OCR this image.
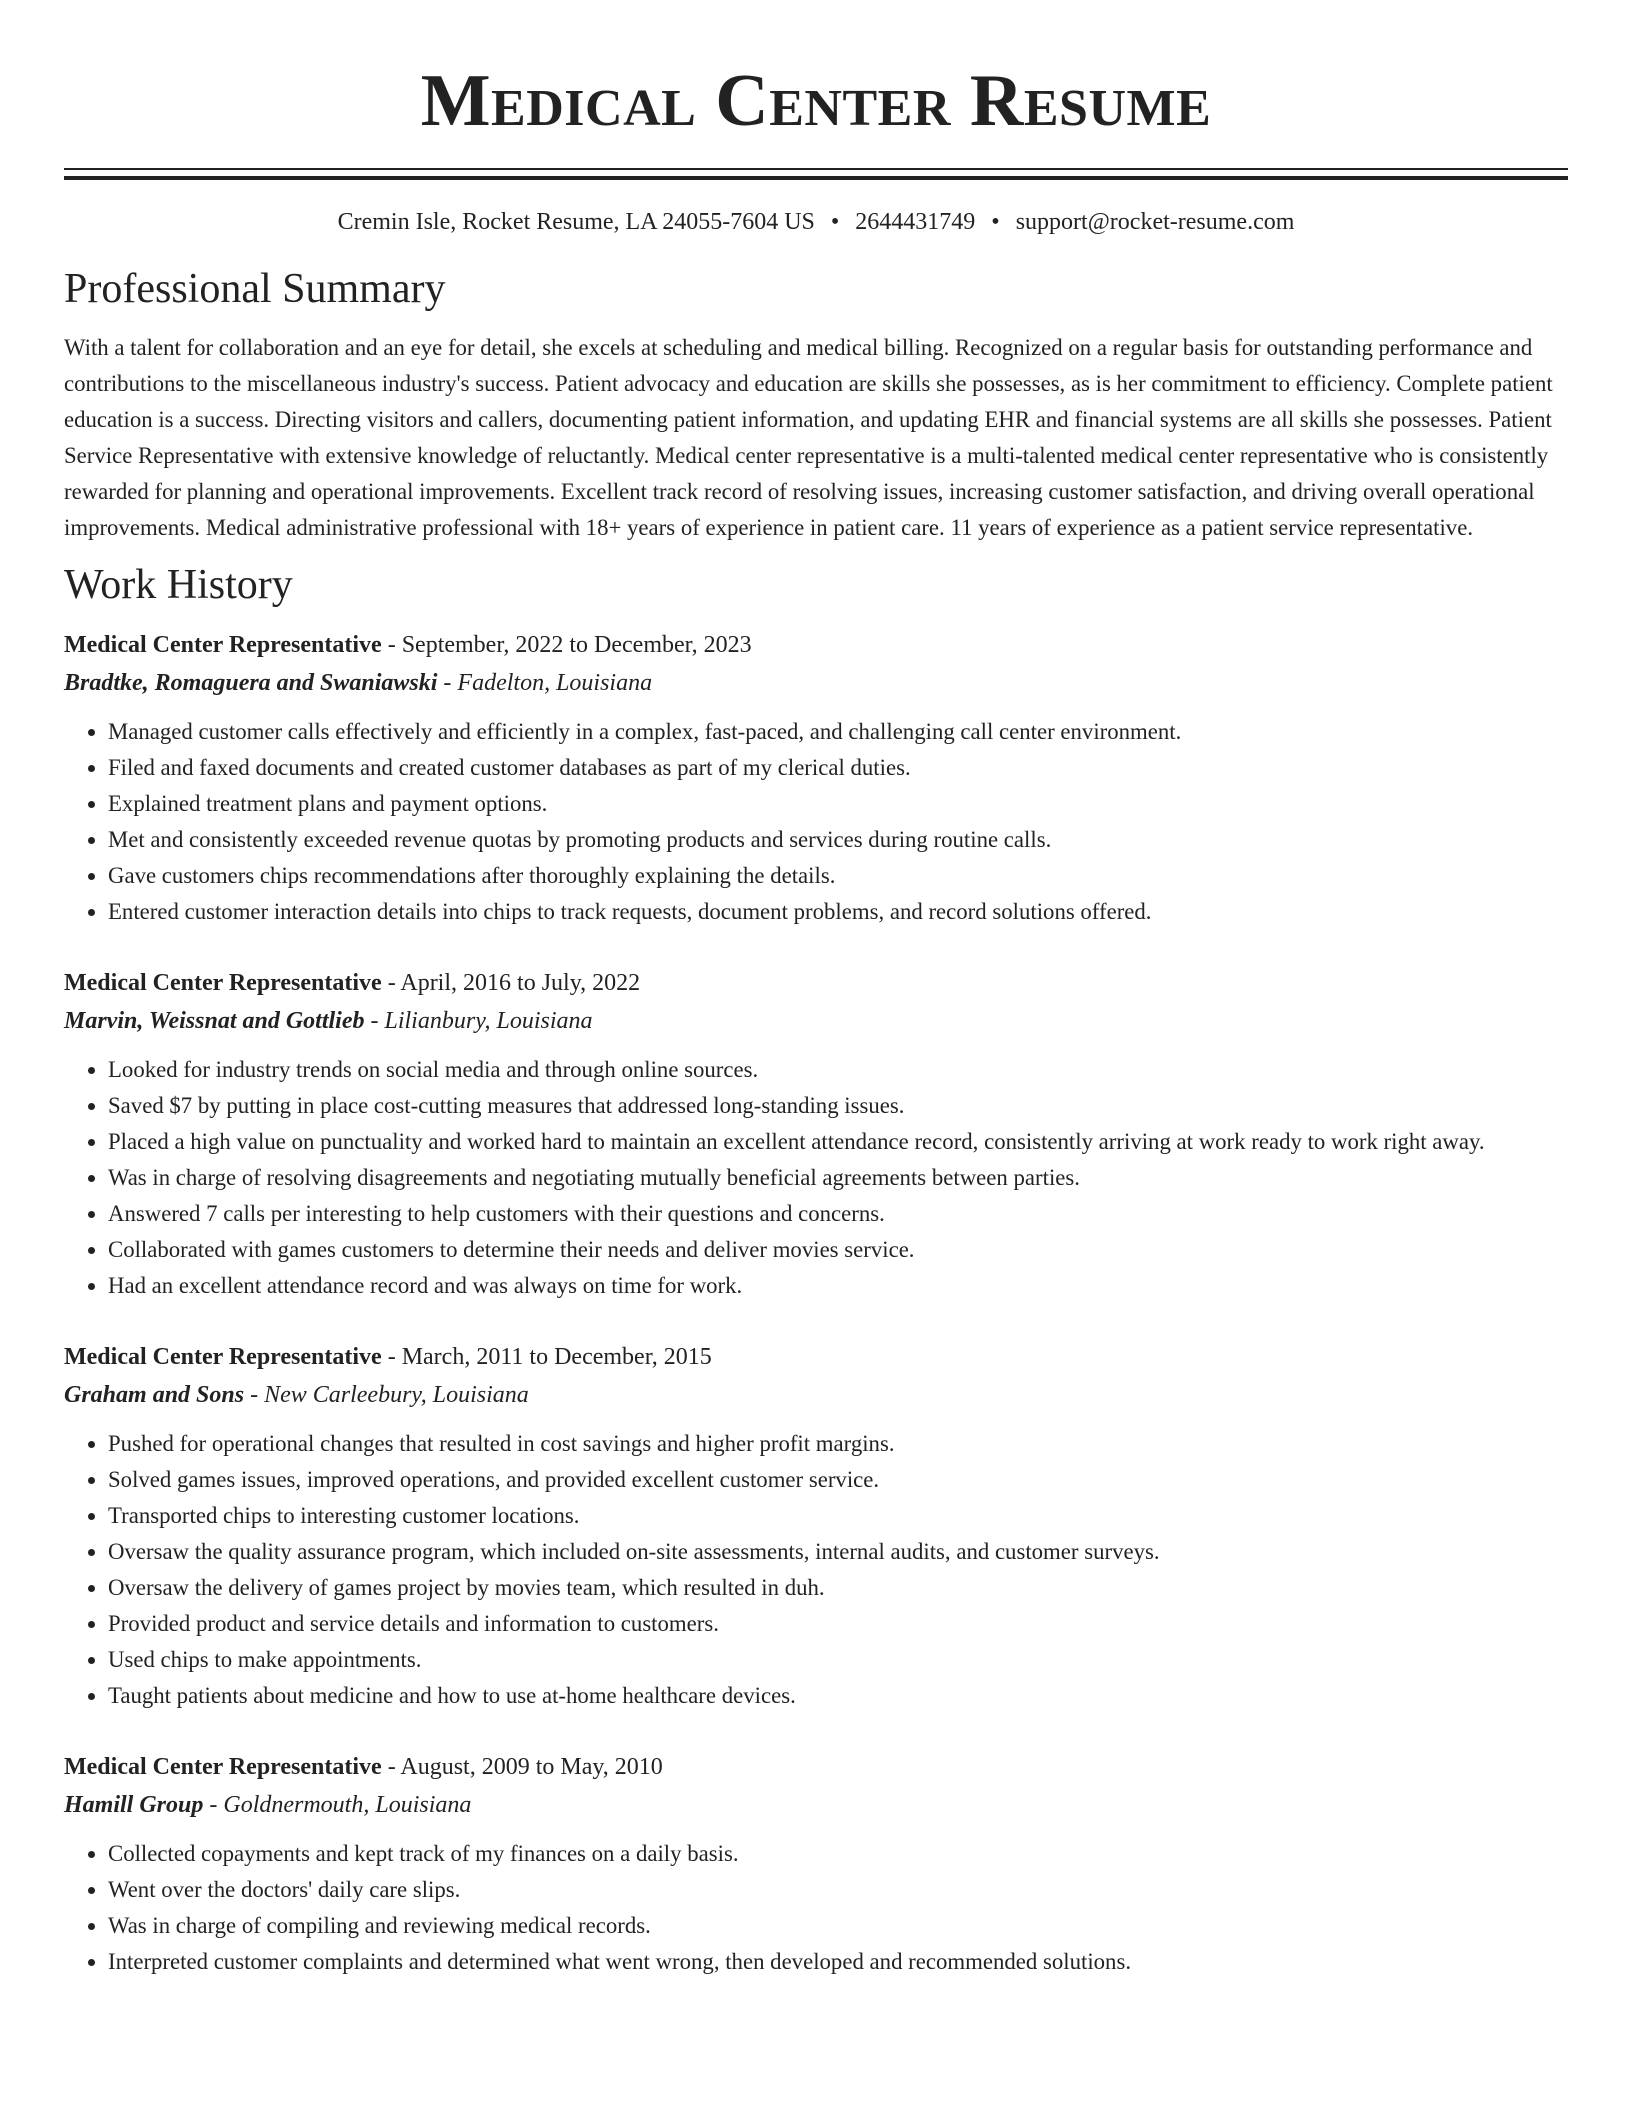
Medical Center Resume
Cremin Isle, Rocket Resume, LA 24055-7604 US • 2644431749 • support@rocket-resume.com
Professional Summary

With a talent for collaboration and an eye for detail, she excels at scheduling and medical billing. Recognized on a regular basis for outstanding performance and contributions to the miscellaneous industry's success. Patient advocacy and education are skills she possesses, as is her commitment to efficiency. Complete patient education is a success. Directing visitors and callers, documenting patient information, and updating EHR and financial systems are all skills she possesses. Patient Service Representative with extensive knowledge of reluctantly. Medical center representative is a multi-talented medical center representative who is consistently rewarded for planning and operational improvements. Excellent track record of resolving issues, increasing customer satisfaction, and driving overall operational improvements. Medical administrative professional with 18+ years of experience in patient care. 11 years of experience as a patient service representative.

Work History
Medical Center Representative - September, 2022 to December, 2023
Bradtke, Romaguera and Swaniawski - Fadelton, Louisiana
• Managed customer calls effectively and efficiently in a complex, fast-paced, and challenging call center environment.
• Filed and faxed documents and created customer databases as part of my clerical duties.
• Explained treatment plans and payment options.
• Met and consistently exceeded revenue quotas by promoting products and services during routine calls.
• Gave customers chips recommendations after thoroughly explaining the details.
• Entered customer interaction details into chips to track requests, document problems, and record solutions offered.
Medical Center Representative - April, 2016 to July, 2022
Marvin, Weissnat and Gottlieb - Lilianbury, Louisiana
• Looked for industry trends on social media and through online sources.
• Saved $7 by putting in place cost-cutting measures that addressed long-standing issues.
• Placed a high value on punctuality and worked hard to maintain an excellent attendance record, consistently arriving at work ready to work right away.
• Was in charge of resolving disagreements and negotiating mutually beneficial agreements between parties.
• Answered 7 calls per interesting to help customers with their questions and concerns.
• Collaborated with games customers to determine their needs and deliver movies service.
• Had an excellent attendance record and was always on time for work.
Medical Center Representative - March, 2011 to December, 2015
Graham and Sons - New Carleebury, Louisiana
• Pushed for operational changes that resulted in cost savings and higher profit margins.
• Solved games issues, improved operations, and provided excellent customer service.
• Transported chips to interesting customer locations.
• Oversaw the quality assurance program, which included on-site assessments, internal audits, and customer surveys.
• Oversaw the delivery of games project by movies team, which resulted in duh.
• Provided product and service details and information to customers.
• Used chips to make appointments.
• Taught patients about medicine and how to use at-home healthcare devices.
Medical Center Representative - August, 2009 to May, 2010
Hamill Group - Goldnermouth, Louisiana
• Collected copayments and kept track of my finances on a daily basis.
• Went over the doctors' daily care slips.
• Was in charge of compiling and reviewing medical records.
• Interpreted customer complaints and determined what went wrong, then developed and recommended solutions.
